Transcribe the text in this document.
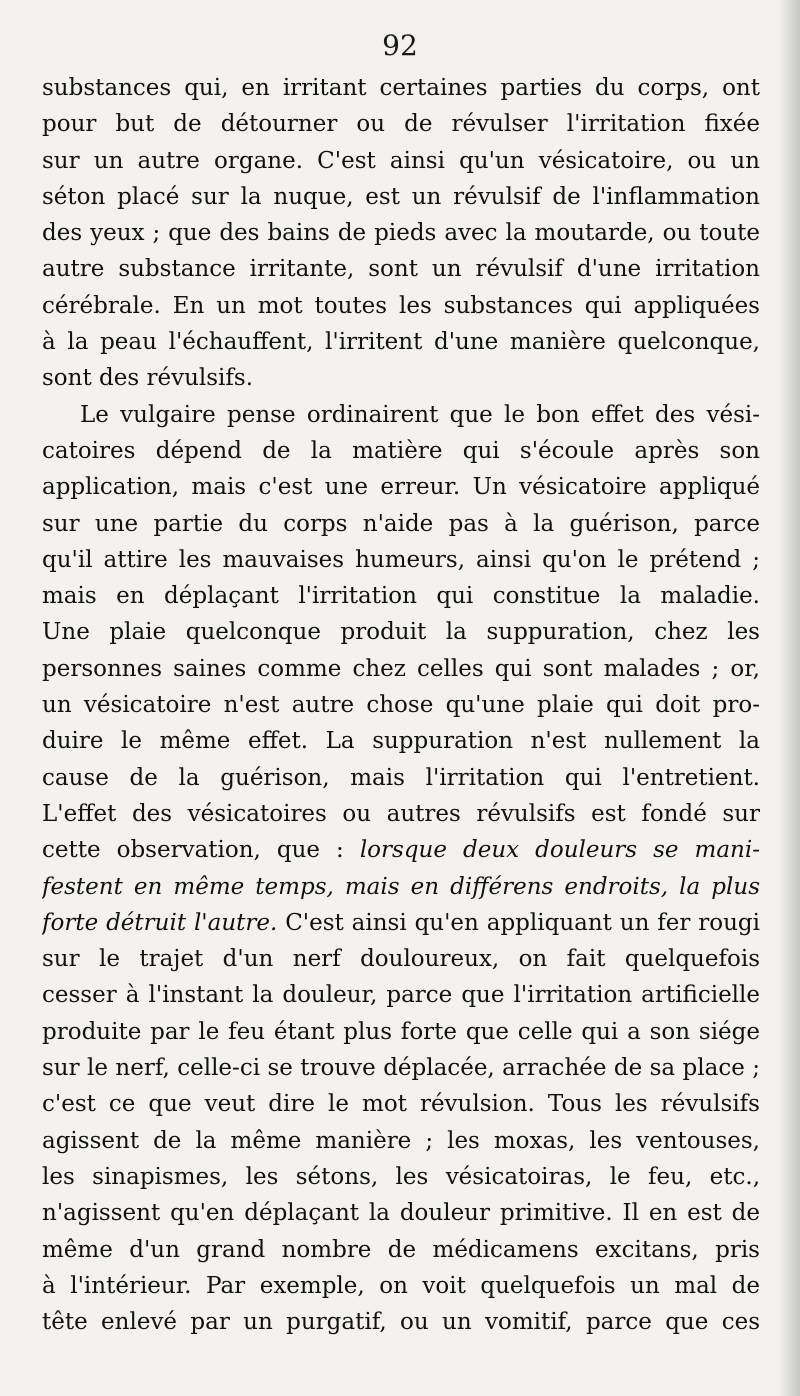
92
substances qui, en irritant certaines parties du corps, ont
pour but de détourner ou de révulser l'irritation fixée
sur un autre organe. C'est ainsi qu'un vésicatoire, ou un
séton placé sur la nuque, est un révulsif de l'inflammation
des yeux ; que des bains de pieds avec la moutarde, ou toute
autre substance irritante, sont un révulsif d'une irritation
cérébrale. En un mot toutes les substances qui appliquées
à la peau l'échauffent, l'irritent d'une manière quelconque,
sont des révulsifs.
Le vulgaire pense ordinairent que le bon effet des vési-
catoires dépend de la matière qui s'écoule après son
application, mais c'est une erreur. Un vésicatoire appliqué
sur une partie du corps n'aide pas à la guérison, parce
qu'il attire les mauvaises humeurs, ainsi qu'on le prétend ;
mais en déplaçant l'irritation qui constitue la maladie.
Une plaie quelconque produit la suppuration, chez les
personnes saines comme chez celles qui sont malades ; or,
un vésicatoire n'est autre chose qu'une plaie qui doit pro-
duire le même effet. La suppuration n'est nullement la
cause de la guérison, mais l'irritation qui l'entretient.
L'effet des vésicatoires ou autres révulsifs est fondé sur
cette observation, que : lorsque deux douleurs se mani-
festent en même temps, mais en différens endroits, la plus
forte détruit l'autre. C'est ainsi qu'en appliquant un fer rougi
sur le trajet d'un nerf douloureux, on fait quelquefois
cesser à l'instant la douleur, parce que l'irritation artificielle
produite par le feu étant plus forte que celle qui a son siége
sur le nerf, celle-ci se trouve déplacée, arrachée de sa place ;
c'est ce que veut dire le mot révulsion. Tous les révulsifs
agissent de la même manière ; les moxas, les ventouses,
les sinapismes, les sétons, les vésicatoiras, le feu, etc.,
n'agissent qu'en déplaçant la douleur primitive. Il en est de
même d'un grand nombre de médicamens excitans, pris
à l'intérieur. Par exemple, on voit quelquefois un mal de
tête enlevé par un purgatif, ou un vomitif, parce que ces
